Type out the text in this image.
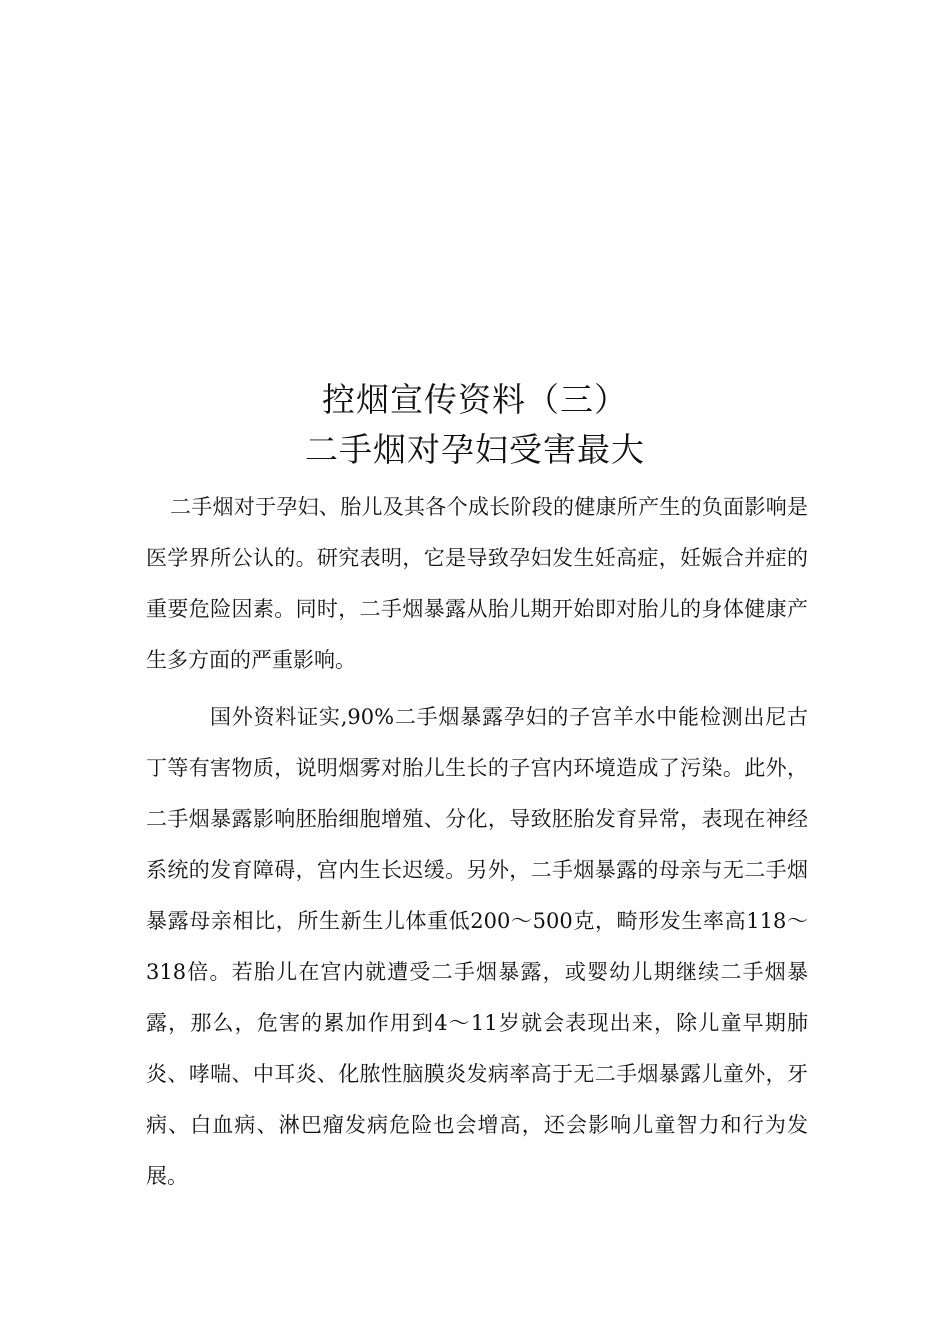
控烟宣传资料（三）
二手烟对孕妇受害最大

二手烟对于孕妇、胎儿及其各个成长阶段的健康所产生的负面影响是医学界所公认的。研究表明，它是导致孕妇发生妊高症，妊娠合并症的重要危险因素。同时，二手烟暴露从胎儿期开始即对胎儿的身体健康产生多方面的严重影响。

国外资料证实,90%二手烟暴露孕妇的子宫羊水中能检测出尼古丁等有害物质，说明烟雾对胎儿生长的子宫内环境造成了污染。此外，二手烟暴露影响胚胎细胞增殖、分化，导致胚胎发育异常，表现在神经系统的发育障碍，宫内生长迟缓。另外，二手烟暴露的母亲与无二手烟暴露母亲相比，所生新生儿体重低200～500克，畸形发生率高118～318倍。若胎儿在宫内就遭受二手烟暴露，或婴幼儿期继续二手烟暴露，那么，危害的累加作用到4～11岁就会表现出来，除儿童早期肺炎、哮喘、中耳炎、化脓性脑膜炎发病率高于无二手烟暴露儿童外，牙病、白血病、淋巴瘤发病危险也会增高，还会影响儿童智力和行为发展。
